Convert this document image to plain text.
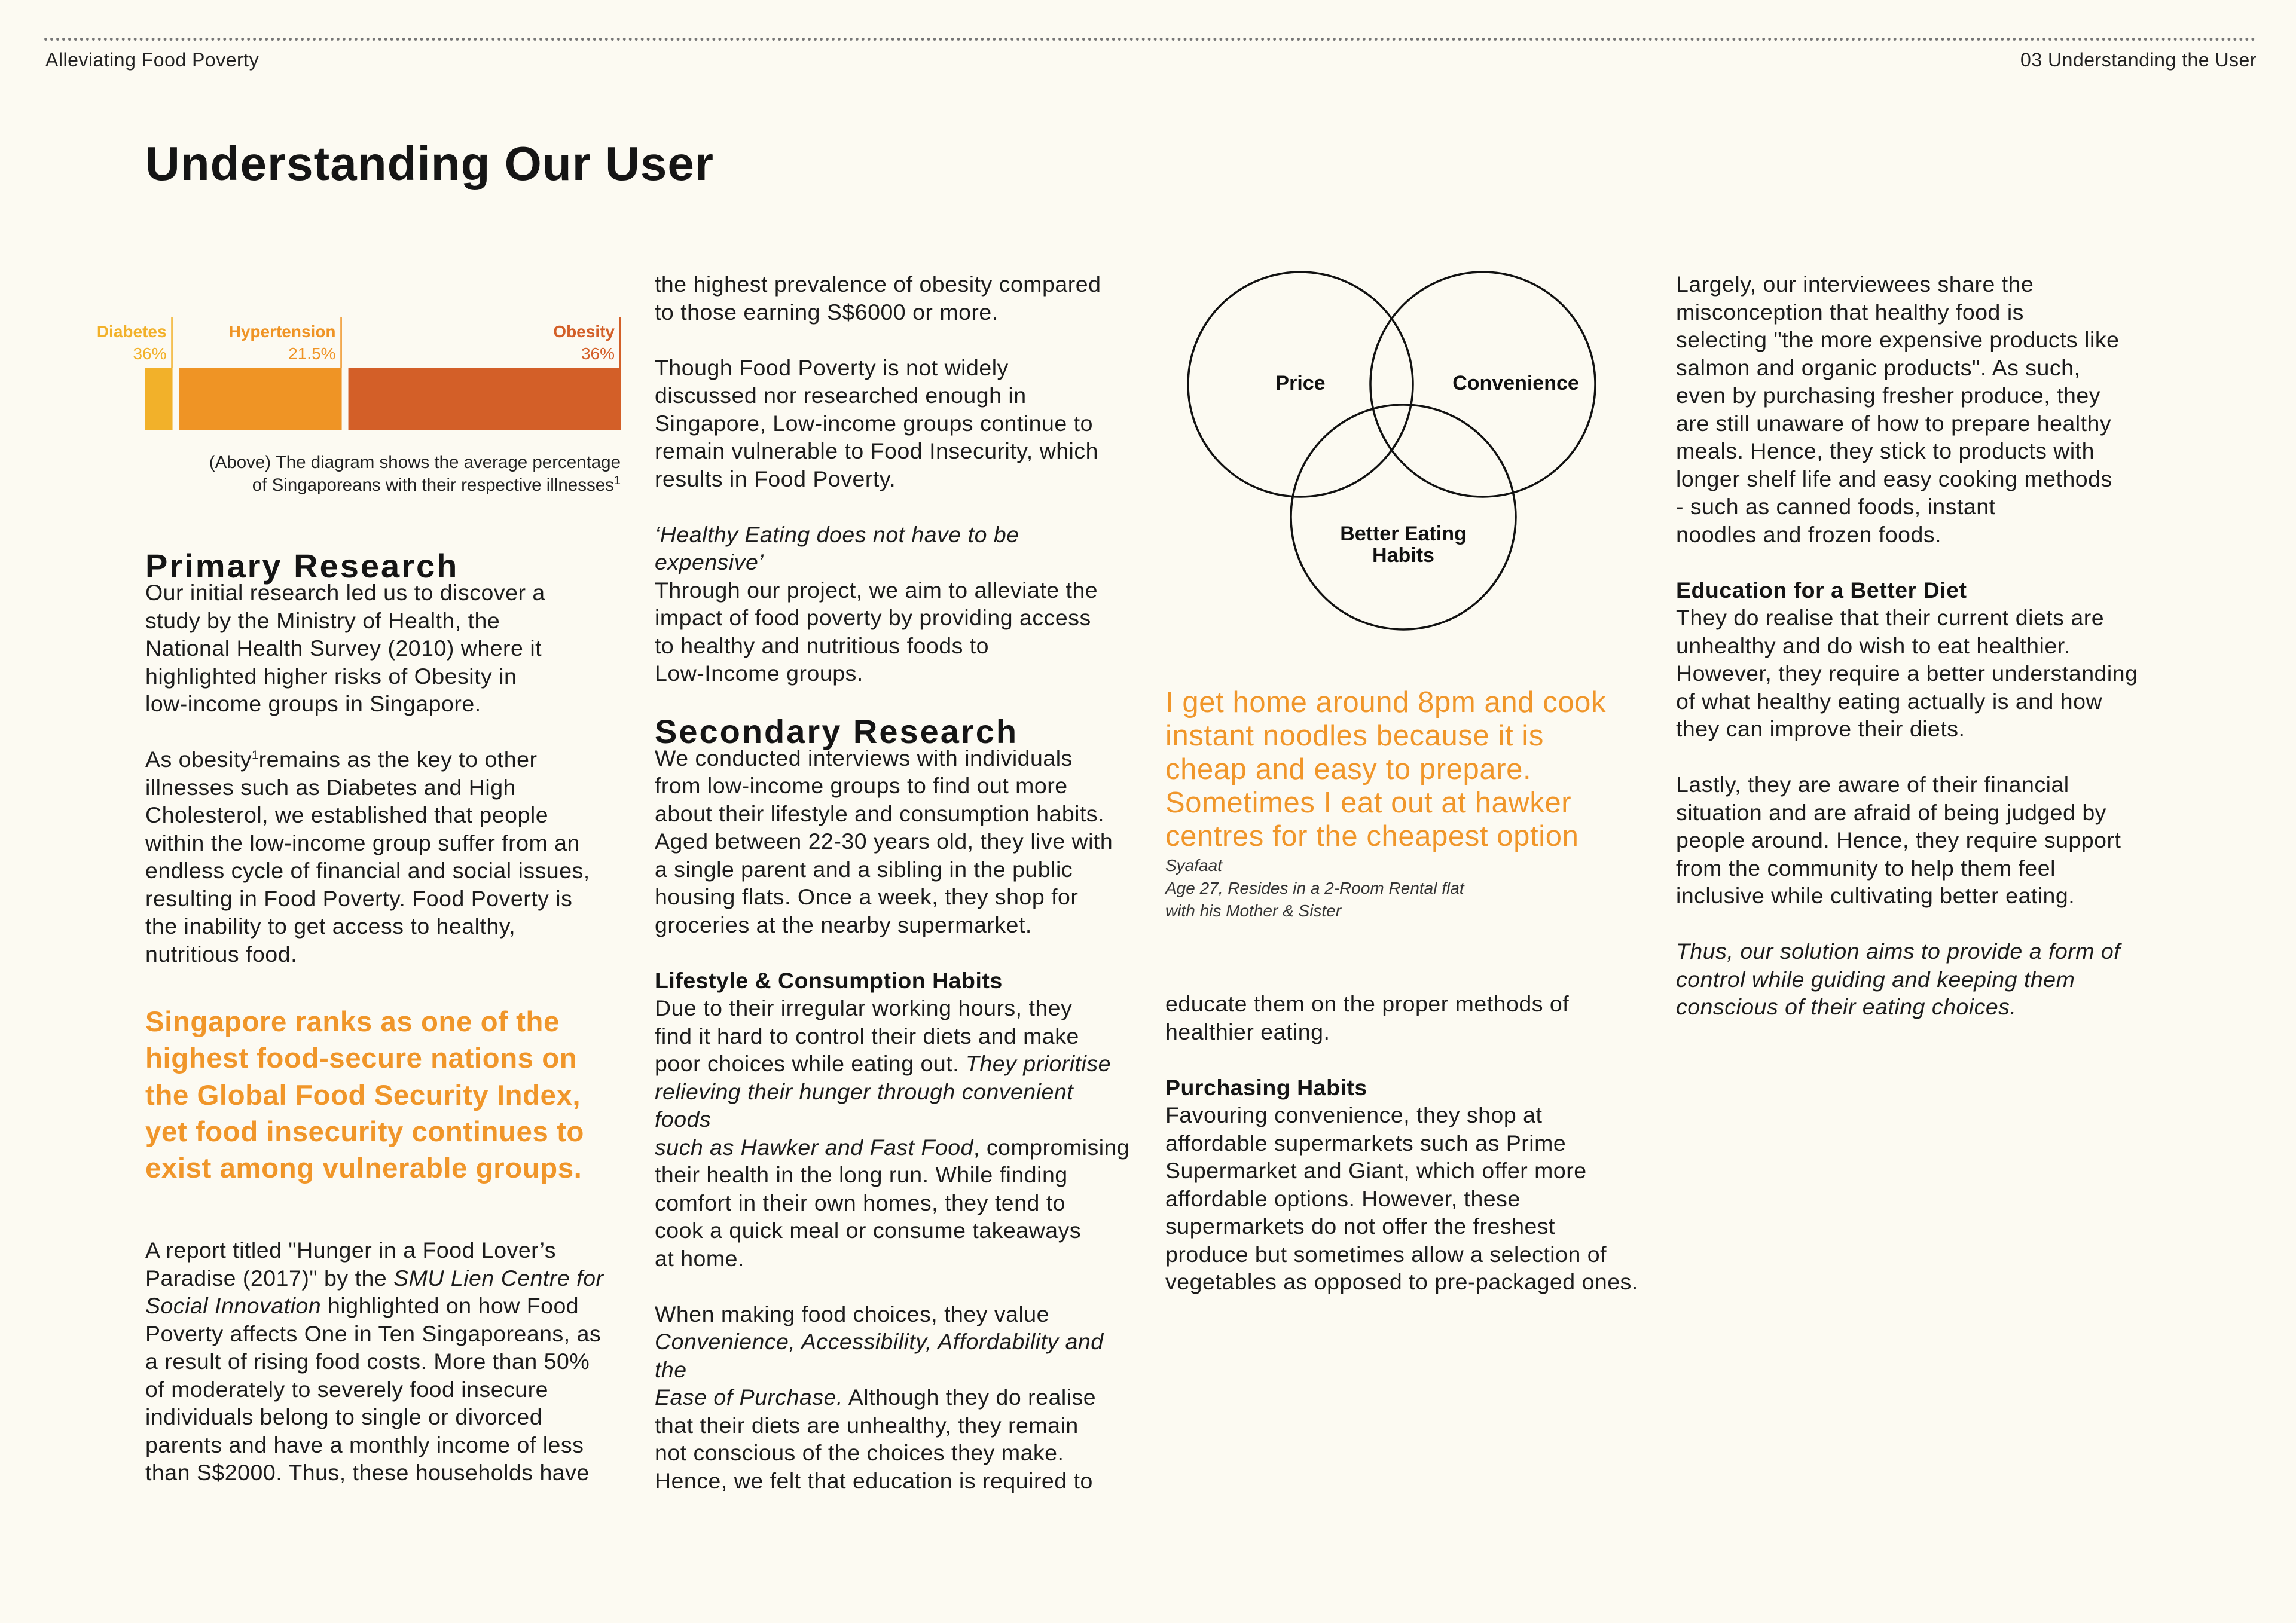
Alleviating Food Poverty	03 Understanding the User
Understanding Our User
Diabetes
36%
Hypertension
21.5%
Obesity
36%

(Above) The diagram shows the average percentage
of Singaporeans with their respective illnesses$^1$

Primary Research

Our initial research led us to discover a
study by the Ministry of Health, the
National Health Survey (2010) where it
highlighted higher risks of Obesity in
low-income groups in Singapore.

As obesity$^1$remains as the key to other
illnesses such as Diabetes and High
Cholesterol, we established that people
within the low-income group suffer from an
endless cycle of financial and social issues,
resulting in Food Poverty. Food Poverty is
the inability to get access to healthy,
nutritious food.

Singapore ranks as one of the
highest food-secure nations on
the Global Food Security Index,
yet food insecurity continues to
exist among vulnerable groups.

A report titled "Hunger in a Food Lover’s
Paradise (2017)" by the SMU Lien Centre for
Social Innovation highlighted on how Food
Poverty affects One in Ten Singaporeans, as
a result of rising food costs. More than 50%
of moderately to severely food insecure
individuals belong to single or divorced
parents and have a monthly income of less
than S$2000. Thus, these households have

the highest prevalence of obesity compared
to those earning S$6000 or more.

Though Food Poverty is not widely
discussed nor researched enough in
Singapore, Low-income groups continue to
remain vulnerable to Food Insecurity, which
results in Food Poverty.

‘Healthy Eating does not have to be expensive’
Through our project, we aim to alleviate the
impact of food poverty by providing access
to healthy and nutritious foods to
Low-Income groups.

Secondary Research

We conducted interviews with individuals
from low-income groups to find out more
about their lifestyle and consumption habits.
Aged between 22-30 years old, they live with
a single parent and a sibling in the public
housing flats. Once a week, they shop for
groceries at the nearby supermarket.

Lifestyle & Consumption Habits

Due to their irregular working hours, they
find it hard to control their diets and make
poor choices while eating out. They prioritise
relieving their hunger through convenient foods
such as Hawker and Fast Food, compromising
their health in the long run. While finding
comfort in their own homes, they tend to
cook a quick meal or consume takeaways
at home.

When making food choices, they value
Convenience, Accessibility, Affordability and the
Ease of Purchase. Although they do realise
that their diets are unhealthy, they remain
not conscious of the choices they make.
Hence, we felt that education is required to

Price	Convenience
Better Eating
Habits

I get home around 8pm and cook
instant noodles because it is
cheap and easy to prepare.
Sometimes I eat out at hawker
centres for the cheapest option

Syafaat

Age 27, Resides in a 2-Room Rental flat
with his Mother & Sister

educate them on the proper methods of
healthier eating.

Purchasing Habits

Favouring convenience, they shop at
affordable supermarkets such as Prime
Supermarket and Giant, which offer more
affordable options. However, these
supermarkets do not offer the freshest
produce but sometimes allow a selection of
vegetables as opposed to pre-packaged ones.

Largely, our interviewees share the
misconception that healthy food is
selecting "the more expensive products like
salmon and organic products". As such,
even by purchasing fresher produce, they
are still unaware of how to prepare healthy
meals. Hence, they stick to products with
longer shelf life and easy cooking methods
- such as canned foods, instant
noodles and frozen foods.

Education for a Better Diet

They do realise that their current diets are
unhealthy and do wish to eat healthier.
However, they require a better understanding
of what healthy eating actually is and how
they can improve their diets.

Lastly, they are aware of their financial
situation and are afraid of being judged by
people around. Hence, they require support
from the community to help them feel
inclusive while cultivating better eating.

Thus, our solution aims to provide a form of
control while guiding and keeping them
conscious of their eating choices.
